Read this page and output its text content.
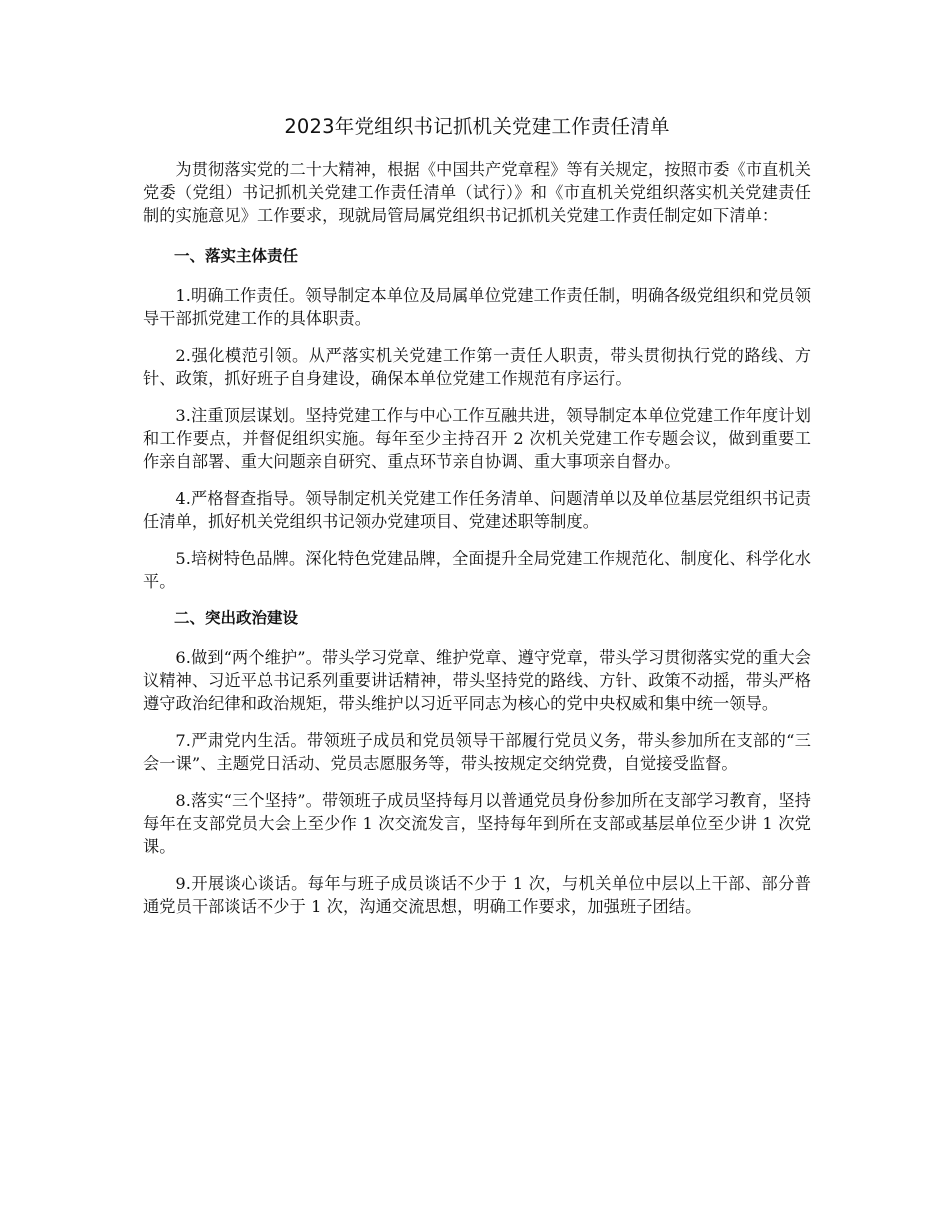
2023年党组织书记抓机关党建工作责任清单

为贯彻落实党的二十大精神，根据《中国共产党章程》等有关规定，按照市委《市直机关党委（党组）书记抓机关党建工作责任清单（试行）》和《市直机关党组织落实机关党建责任制的实施意见》工作要求，现就局管局属党组织书记抓机关党建工作责任制定如下清单：

一、落实主体责任

1.明确工作责任。领导制定本单位及局属单位党建工作责任制，明确各级党组织和党员领导干部抓党建工作的具体职责。

2.强化模范引领。从严落实机关党建工作第一责任人职责，带头贯彻执行党的路线、方针、政策，抓好班子自身建设，确保本单位党建工作规范有序运行。

3.注重顶层谋划。坚持党建工作与中心工作互融共进，领导制定本单位党建工作年度计划和工作要点，并督促组织实施。每年至少主持召开 2 次机关党建工作专题会议，做到重要工作亲自部署、重大问题亲自研究、重点环节亲自协调、重大事项亲自督办。

4.严格督查指导。领导制定机关党建工作任务清单、问题清单以及单位基层党组织书记责任清单，抓好机关党组织书记领办党建项目、党建述职等制度。

5.培树特色品牌。深化特色党建品牌，全面提升全局党建工作规范化、制度化、科学化水平。

二、突出政治建设

6.做到“两个维护”。带头学习党章、维护党章、遵守党章，带头学习贯彻落实党的重大会议精神、习近平总书记系列重要讲话精神，带头坚持党的路线、方针、政策不动摇，带头严格遵守政治纪律和政治规矩，带头维护以习近平同志为核心的党中央权威和集中统一领导。

7.严肃党内生活。带领班子成员和党员领导干部履行党员义务，带头参加所在支部的“三会一课”、主题党日活动、党员志愿服务等，带头按规定交纳党费，自觉接受监督。

8.落实“三个坚持”。带领班子成员坚持每月以普通党员身份参加所在支部学习教育，坚持每年在支部党员大会上至少作 1 次交流发言，坚持每年到所在支部或基层单位至少讲 1 次党课。

9.开展谈心谈话。每年与班子成员谈话不少于 1 次，与机关单位中层以上干部、部分普通党员干部谈话不少于 1 次，沟通交流思想，明确工作要求，加强班子团结。
